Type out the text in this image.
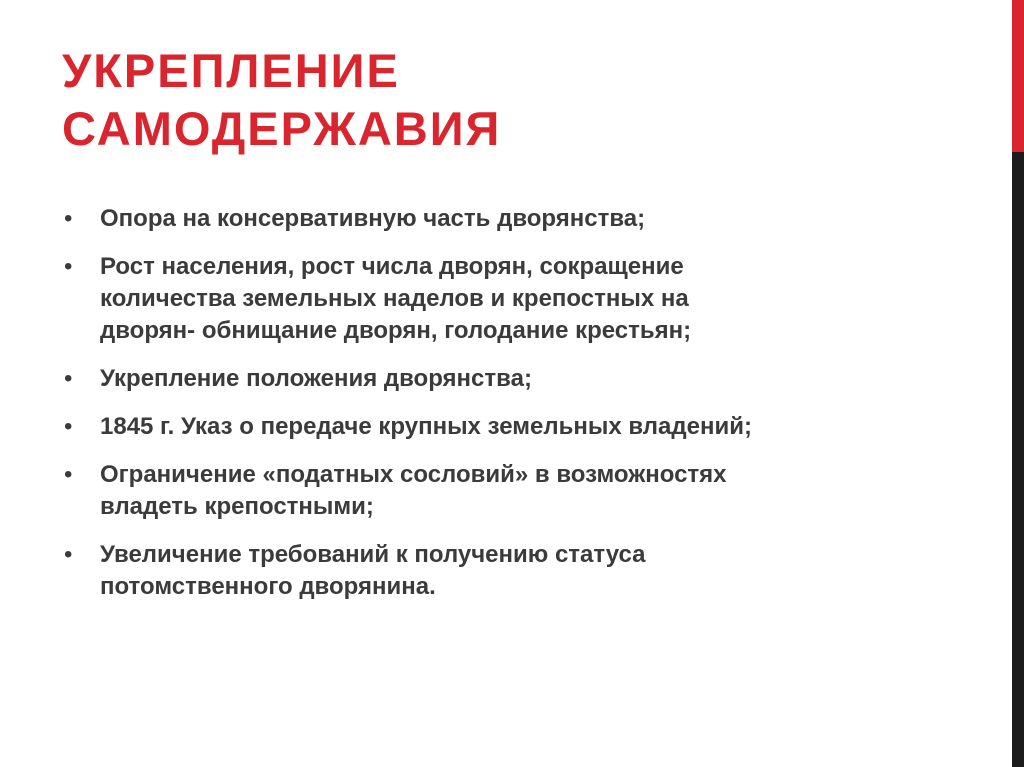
УКРЕПЛЕНИЕ
САМОДЕРЖАВИЯ
•	Опора на консервативную часть дворянства;
•	Рост населения, рост числа дворян, сокращение
количества земельных наделов и крепостных на
дворян- обнищание дворян, голодание крестьян;
•	Укрепление положения дворянства;
•	1845 г. Указ о передаче крупных земельных владений;
•	Ограничение «податных сословий» в возможностях
владеть крепостными;
•	Увеличение требований к получению статуса
потомственного дворянина.
